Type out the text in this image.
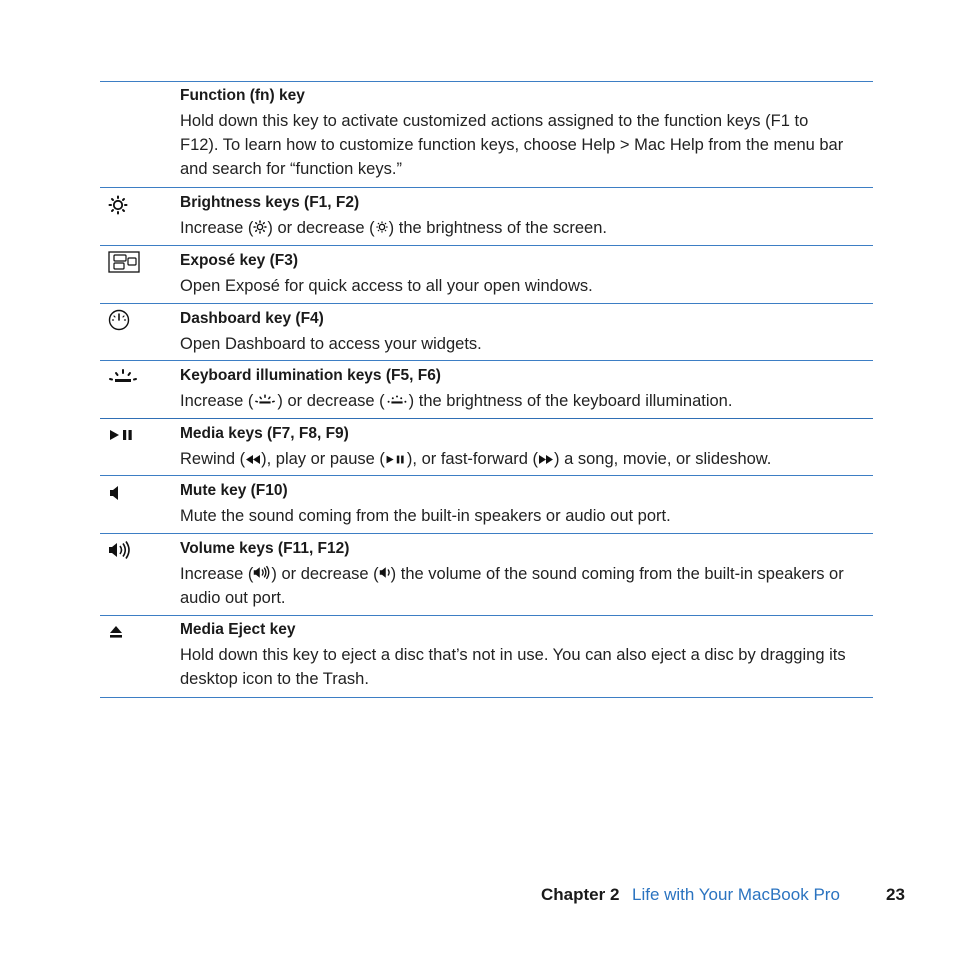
Function (fn) key
Hold down this key to activate customized actions assigned to the function keys (F1 to F12). To learn how to customize function keys, choose Help > Mac Help from the menu bar and search for “function keys.”
Brightness keys (F1, F2)
Increase ( ) or decrease ( ) the brightness of the screen.
Exposé key (F3)
Open Exposé for quick access to all your open windows.
Dashboard key (F4)
Open Dashboard to access your widgets.
Keyboard illumination keys (F5, F6)
Increase ( ) or decrease ( ) the brightness of the keyboard illumination.
Media keys (F7, F8, F9)
Rewind ( ), play or pause ( ), or fast-forward ( ) a song, movie, or slideshow.
Mute key (F10)
Mute the sound coming from the built-in speakers or audio out port.
Volume keys (F11, F12)
Increase ( ) or decrease ( ) the volume of the sound coming from the built-in speakers or audio out port.
Media Eject key
Hold down this key to eject a disc that’s not in use. You can also eject a disc by dragging its desktop icon to the Trash.
Chapter 2 Life with Your MacBook Pro	23
